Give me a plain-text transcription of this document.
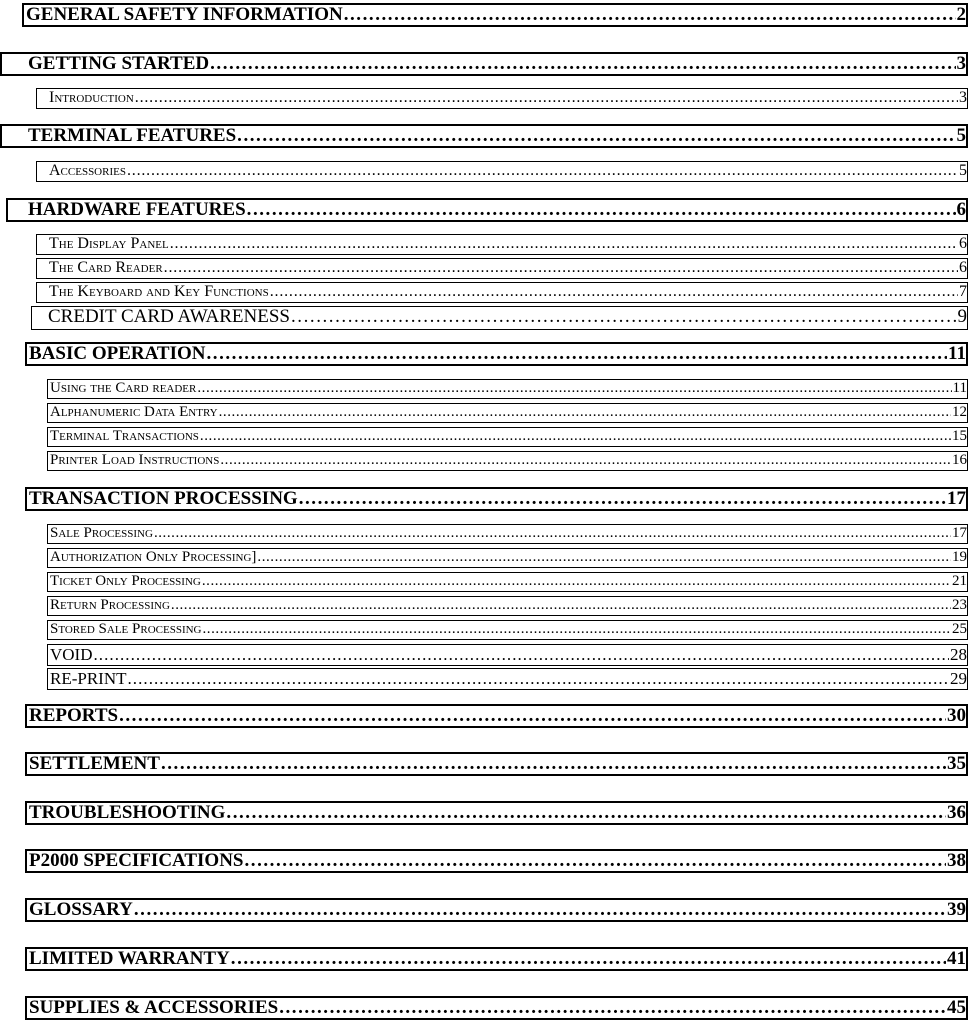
GENERAL SAFETY INFORMATION . . .	2
GETTING STARTED . . .	3
Introduction . . .	3
TERMINAL FEATURES . . .	5
Accessories . . .	5
HARDWARE FEATURES . . .	6
The Display Panel . . .	6
The Card Reader . . .	6
The Keyboard and Key Functions . . .	7
CREDIT CARD AWARENESS . . .	9
BASIC OPERATION . . .	11
Using the Card reader . . .	11
Alphanumeric Data Entry . . .	12
Terminal Transactions . . .	15
Printer Load Instructions . . .	16
TRANSACTION PROCESSING . . .	17
Sale Processing . . .	17
Authorization Only Processing] . . .	19
Ticket Only Processing . . .	21
Return Processing . . .	23
Stored Sale Processing . . .	25
VOID . . .	28
RE-PRINT . . .	29
REPORTS . . .	30
SETTLEMENT . . .	35
TROUBLESHOOTING . . .	36
P2000 SPECIFICATIONS . . .	38
GLOSSARY . . .	39
LIMITED WARRANTY . . .	41
SUPPLIES & ACCESSORIES . . .	45
